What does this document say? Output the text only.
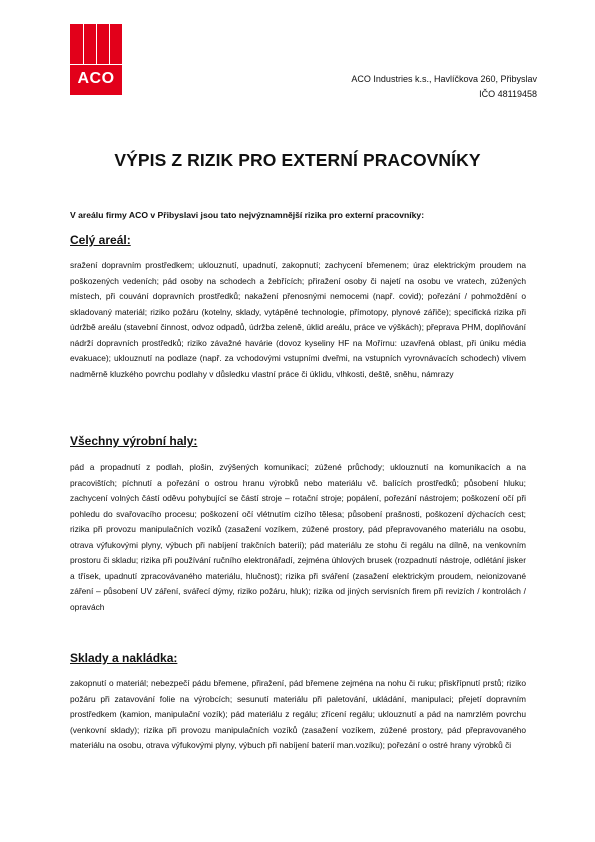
ACO	ACO Industries k.s., Havlíčkova 260, Přibyslav
IČO 48119458
VÝPIS Z RIZIK PRO EXTERNÍ PRACOVNÍKY
V areálu firmy ACO v Přibyslavi jsou tato nejvýznamnější rizika pro externí pracovníky:
Celý areál:
sražení dopravním prostředkem; uklouznutí, upadnutí, zakopnutí; zachycení břemenem; úraz elektrickým proudem na poškozených vedeních; pád osoby na schodech a žebřících; přiražení osoby či najetí na osobu ve vratech, zúžených místech, při couvání dopravních prostředků; nakažení přenosnými nemocemi (např. covid); pořezání / pohmoždění o skladovaný materiál; riziko požáru (kotelny, sklady, vytápěné technologie, přímotopy, plynové zářiče); specifická rizika při údržbě areálu (stavební činnost, odvoz odpadů, údržba zeleně, úklid areálu, práce ve výškách); přeprava PHM, doplňování nádrží dopravních prostředků; riziko závažné havárie (dovoz kyseliny HF na Mořírnu: uzavřená oblast, při úniku média evakuace); uklouznutí na podlaze (např. za vchodovými vstupními dveřmi, na vstupních vyrovnávacích schodech) vlivem nadměrně kluzkého povrchu podlahy v důsledku vlastní práce či úklidu, vlhkosti, deště, sněhu, námrazy
Všechny výrobní haly:
pád a propadnutí z podlah, plošin, zvýšených komunikací; zúžené průchody; uklouznutí na komunikacích a na pracovištích; píchnutí a pořezání o ostrou hranu výrobků nebo materiálu vč. balících prostředků; působení hluku; zachycení volných částí oděvu pohybující se částí stroje – rotační stroje; popálení, pořezání nástrojem; poškození očí při pohledu do svařovacího procesu; poškození očí vlétnutím cizího tělesa; působení prašnosti, poškození dýchacích cest; rizika při provozu manipulačních vozíků (zasažení vozíkem, zúžené prostory, pád přepravovaného materiálu na osobu, otrava výfukovými plyny, výbuch při nabíjení trakčních baterií); pád materiálu ze stohu či regálu na dílně, na venkovním prostoru či skladu; rizika při používání ručního elektronářadí, zejména úhlových brusek (rozpadnutí nástroje, odlétání jisker a třísek, upadnutí zpracovávaného materiálu, hlučnost); rizika při sváření (zasažení elektrickým proudem, neionizované záření – působení UV záření, svářecí dýmy, riziko požáru, hluk); rizika od jiných servisních firem při revizích / kontrolách / opravách
Sklady a nakládka:
zakopnutí o materiál; nebezpečí pádu břemene, přiražení, pád břemene zejména na nohu či ruku; přiskřípnutí prstů; riziko požáru při zatavování folie na výrobcích; sesunutí materiálu při paletování, ukládání, manipulaci; přejetí dopravním prostředkem (kamion, manipulační vozík); pád materiálu z regálu; zřícení regálu; uklouznutí a pád na namrzlém povrchu (venkovní sklady); rizika při provozu manipulačních vozíků (zasažení vozíkem, zúžené prostory, pád přepravovaného materiálu na osobu, otrava výfukovými plyny, výbuch při nabíjení baterií man.vozíku); pořezání o ostré hrany výrobků či
